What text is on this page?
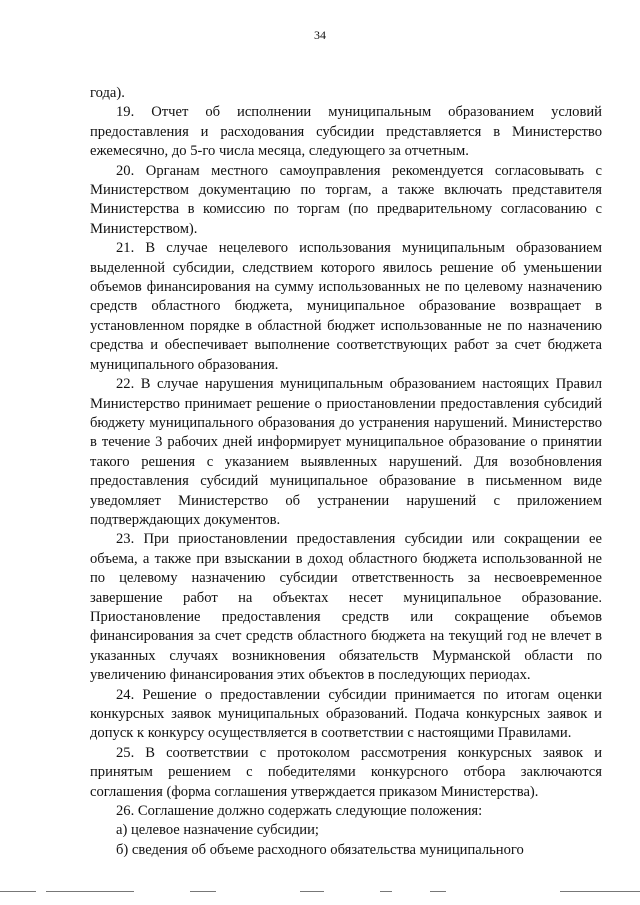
34

года).

19. Отчет об исполнении муниципальным образованием условий предоставления и расходования субсидии представляется в Министерство ежемесячно, до 5-го числа месяца, следующего за отчетным.

20. Органам местного самоуправления рекомендуется согласовывать с Министерством документацию по торгам, а также включать представителя Министерства в комиссию по торгам (по предварительному согласованию с Министерством).

21. В случае нецелевого использования муниципальным образованием выделенной субсидии, следствием которого явилось решение об уменьшении объемов финансирования на сумму использованных не по целевому назначению средств областного бюджета, муниципальное образование возвращает в установленном порядке в областной бюджет использованные не по назначению средства и обеспечивает выполнение соответствующих работ за счет бюджета муниципального образования.

22. В случае нарушения муниципальным образованием настоящих Правил Министерство принимает решение о приостановлении предоставления субсидий бюджету муниципального образования до устранения нарушений. Министерство в течение 3 рабочих дней информирует муниципальное образование о принятии такого решения с указанием выявленных нарушений. Для возобновления предоставления субсидий муниципальное образование в письменном виде уведомляет Министерство об устранении нарушений с приложением подтверждающих документов.

23. При приостановлении предоставления субсидии или сокращении ее объема, а также при взыскании в доход областного бюджета использованной не по целевому назначению субсидии ответственность за несвоевременное завершение работ на объектах несет муниципальное образование. Приостановление предоставления средств или сокращение объемов финансирования за счет средств областного бюджета на текущий год не влечет в указанных случаях возникновения обязательств Мурманской области по увеличению финансирования этих объектов в последующих периодах.

24. Решение о предоставлении субсидии принимается по итогам оценки конкурсных заявок муниципальных образований. Подача конкурсных заявок и допуск к конкурсу осуществляется в соответствии с настоящими Правилами.

25. В соответствии с протоколом рассмотрения конкурсных заявок и принятым решением с победителями конкурсного отбора заключаются соглашения (форма соглашения утверждается приказом Министерства).

26. Соглашение должно содержать следующие положения:

а) целевое назначение субсидии;

б) сведения об объеме расходного обязательства муниципального
